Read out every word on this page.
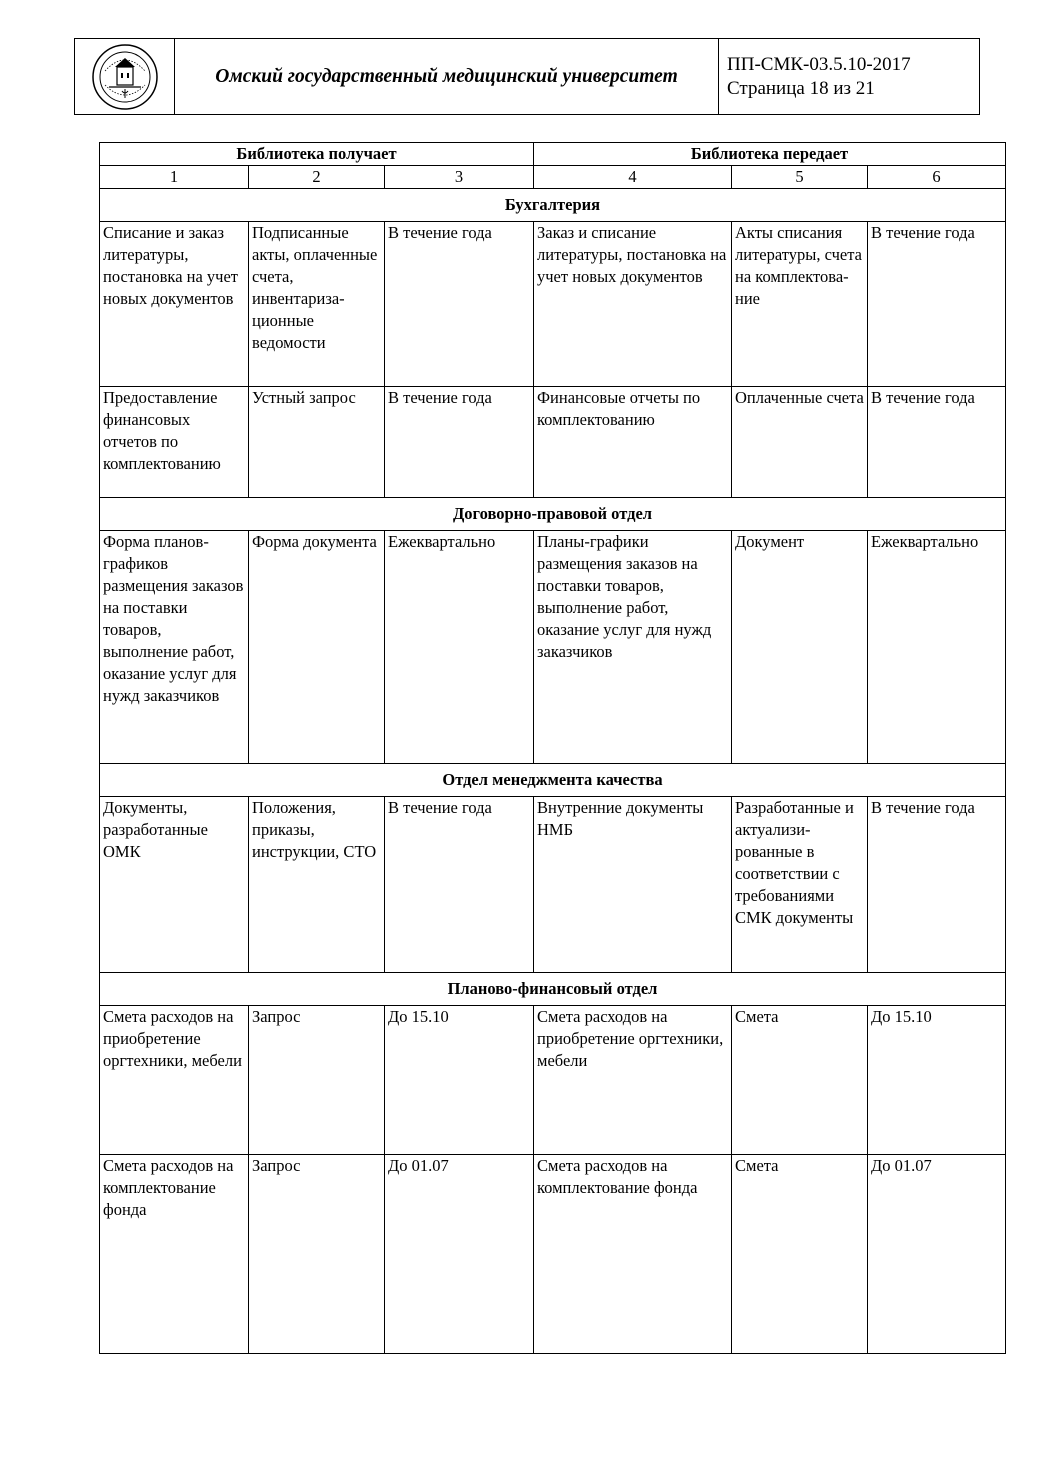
	Омский государственный медицинский университет	
ПП-СМК-03.5.10-2017
Страница 18 из 21
Библиотека получает			Библиотека передает		
1	2	3	4	5	6
Бухгалтерия					
Списание и заказ литературы, постановка на учет новых документов	Подписанные акты, оплаченные счета, инвентариза-ционные ведомости	В течение года	Заказ и списание литературы, постановка на учет новых документов	Акты списания литературы, счета на комплектова-ние	В течение года
Предоставление финансовых отчетов по комплектованию	Устный запрос	В течение года	Финансовые отчеты по комплектованию	Оплаченные счета	В течение года
Договорно-правовой отдел					
Форма планов-графиков размещения заказов на поставки товаров, выполнение работ, оказание услуг для нужд заказчиков	Форма документа	Ежеквартально	Планы-графики размещения заказов на поставки товаров, выполнение работ, оказание услуг для нужд заказчиков	Документ	Ежеквартально
Отдел менеджмента качества					
Документы, разработанные ОМК	Положения, приказы, инструкции, СТО	В течение года	Внутренние документы НМБ	Разработанные и актуализи-рованные в соответствии с требованиями СМК документы	В течение года
Планово-финансовый отдел					
Смета расходов на приобретение оргтехники, мебели	Запрос	До 15.10	Смета расходов на приобретение оргтехники, мебели	Смета	До 15.10
Смета расходов на комплектование фонда	Запрос	До 01.07	Смета расходов на комплектование фонда	Смета	До 01.07
